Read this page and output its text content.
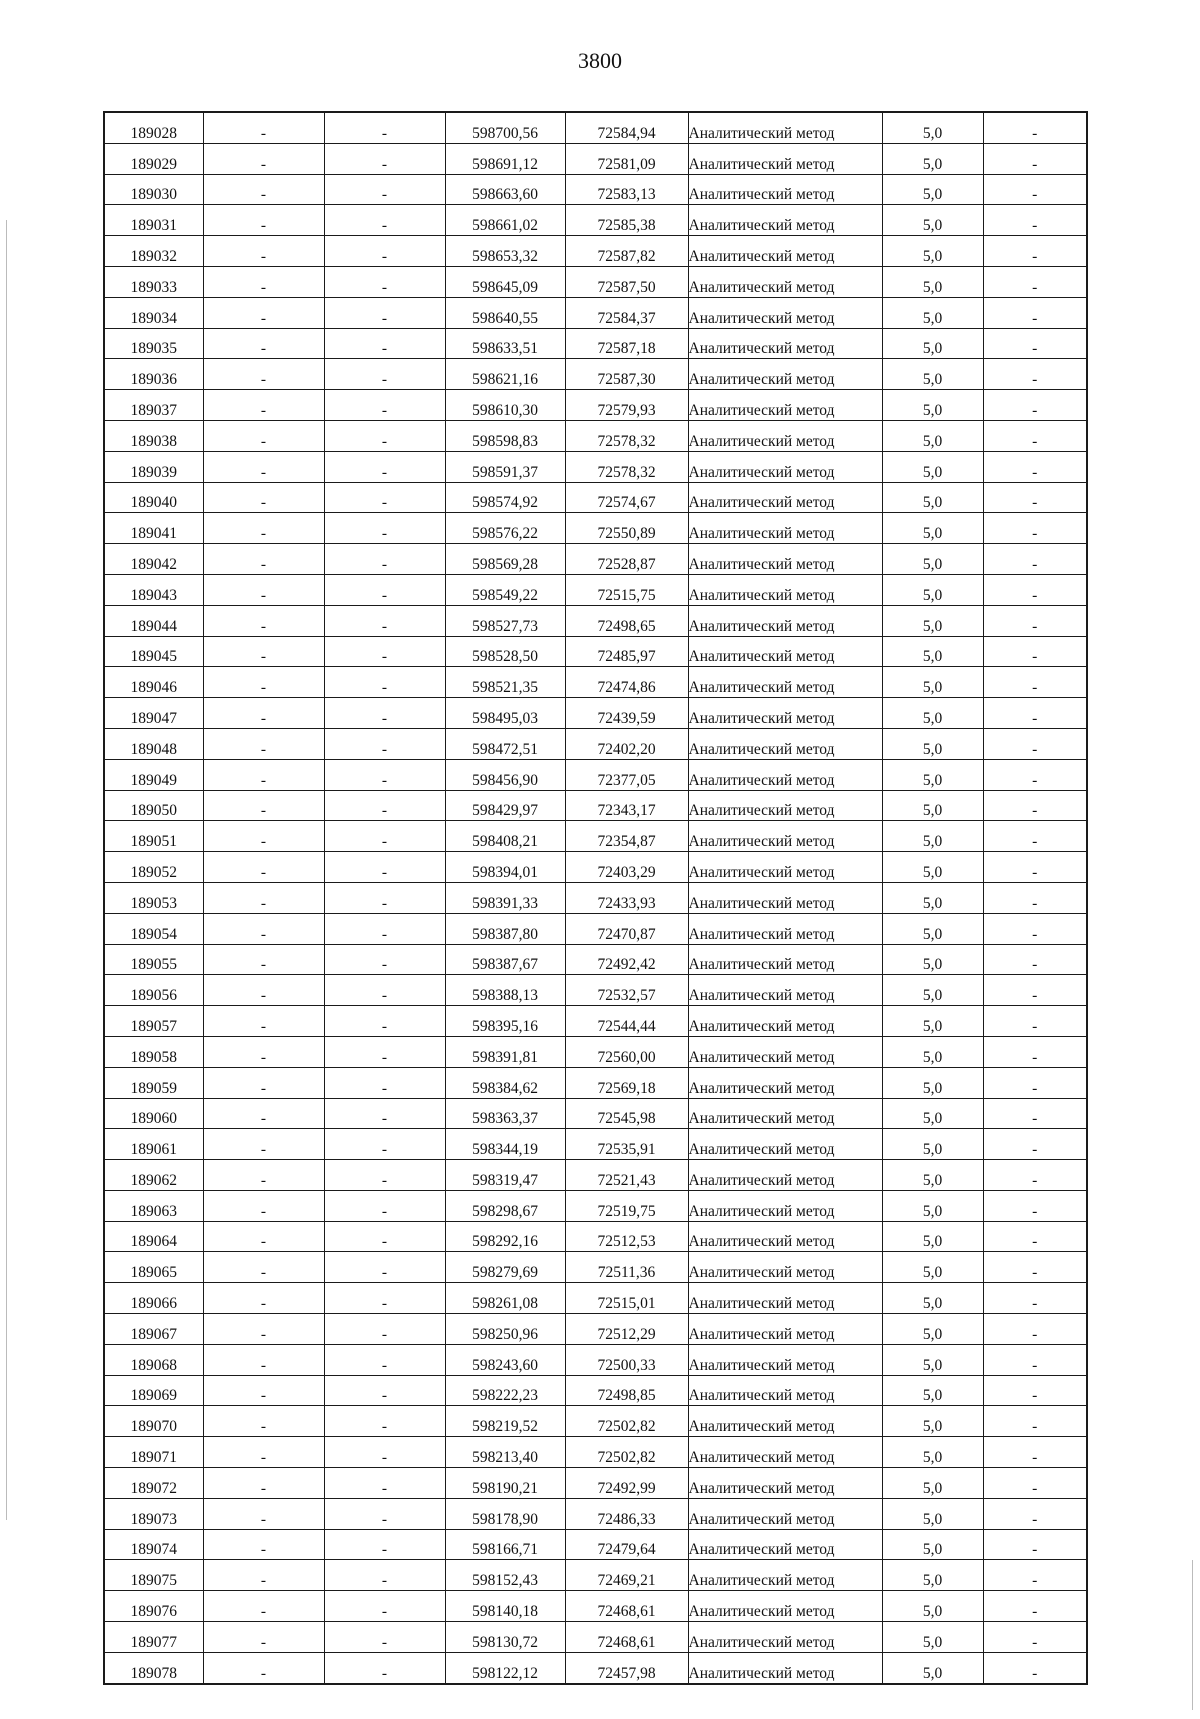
3800
189028	-	-	598700,56	72584,94	Аналитический метод	5,0	-
189029	-	-	598691,12	72581,09	Аналитический метод	5,0	-
189030	-	-	598663,60	72583,13	Аналитический метод	5,0	-
189031	-	-	598661,02	72585,38	Аналитический метод	5,0	-
189032	-	-	598653,32	72587,82	Аналитический метод	5,0	-
189033	-	-	598645,09	72587,50	Аналитический метод	5,0	-
189034	-	-	598640,55	72584,37	Аналитический метод	5,0	-
189035	-	-	598633,51	72587,18	Аналитический метод	5,0	-
189036	-	-	598621,16	72587,30	Аналитический метод	5,0	-
189037	-	-	598610,30	72579,93	Аналитический метод	5,0	-
189038	-	-	598598,83	72578,32	Аналитический метод	5,0	-
189039	-	-	598591,37	72578,32	Аналитический метод	5,0	-
189040	-	-	598574,92	72574,67	Аналитический метод	5,0	-
189041	-	-	598576,22	72550,89	Аналитический метод	5,0	-
189042	-	-	598569,28	72528,87	Аналитический метод	5,0	-
189043	-	-	598549,22	72515,75	Аналитический метод	5,0	-
189044	-	-	598527,73	72498,65	Аналитический метод	5,0	-
189045	-	-	598528,50	72485,97	Аналитический метод	5,0	-
189046	-	-	598521,35	72474,86	Аналитический метод	5,0	-
189047	-	-	598495,03	72439,59	Аналитический метод	5,0	-
189048	-	-	598472,51	72402,20	Аналитический метод	5,0	-
189049	-	-	598456,90	72377,05	Аналитический метод	5,0	-
189050	-	-	598429,97	72343,17	Аналитический метод	5,0	-
189051	-	-	598408,21	72354,87	Аналитический метод	5,0	-
189052	-	-	598394,01	72403,29	Аналитический метод	5,0	-
189053	-	-	598391,33	72433,93	Аналитический метод	5,0	-
189054	-	-	598387,80	72470,87	Аналитический метод	5,0	-
189055	-	-	598387,67	72492,42	Аналитический метод	5,0	-
189056	-	-	598388,13	72532,57	Аналитический метод	5,0	-
189057	-	-	598395,16	72544,44	Аналитический метод	5,0	-
189058	-	-	598391,81	72560,00	Аналитический метод	5,0	-
189059	-	-	598384,62	72569,18	Аналитический метод	5,0	-
189060	-	-	598363,37	72545,98	Аналитический метод	5,0	-
189061	-	-	598344,19	72535,91	Аналитический метод	5,0	-
189062	-	-	598319,47	72521,43	Аналитический метод	5,0	-
189063	-	-	598298,67	72519,75	Аналитический метод	5,0	-
189064	-	-	598292,16	72512,53	Аналитический метод	5,0	-
189065	-	-	598279,69	72511,36	Аналитический метод	5,0	-
189066	-	-	598261,08	72515,01	Аналитический метод	5,0	-
189067	-	-	598250,96	72512,29	Аналитический метод	5,0	-
189068	-	-	598243,60	72500,33	Аналитический метод	5,0	-
189069	-	-	598222,23	72498,85	Аналитический метод	5,0	-
189070	-	-	598219,52	72502,82	Аналитический метод	5,0	-
189071	-	-	598213,40	72502,82	Аналитический метод	5,0	-
189072	-	-	598190,21	72492,99	Аналитический метод	5,0	-
189073	-	-	598178,90	72486,33	Аналитический метод	5,0	-
189074	-	-	598166,71	72479,64	Аналитический метод	5,0	-
189075	-	-	598152,43	72469,21	Аналитический метод	5,0	-
189076	-	-	598140,18	72468,61	Аналитический метод	5,0	-
189077	-	-	598130,72	72468,61	Аналитический метод	5,0	-
189078	-	-	598122,12	72457,98	Аналитический метод	5,0	-
